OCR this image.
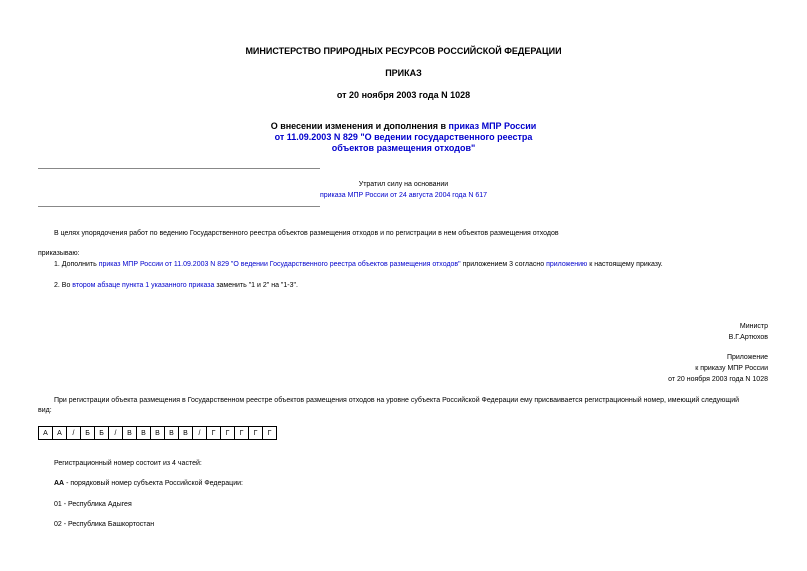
МИНИСТЕРСТВО ПРИРОДНЫХ РЕСУРСОВ РОССИЙСКОЙ ФЕДЕРАЦИИ
ПРИКАЗ
от 20 ноября 2003 года N 1028
О внесении изменения и дополнения в приказ МПР России
от 11.09.2003 N 829 "О ведении государственного реестра
объектов размещения отходов"
Утратил силу на основании
приказа МПР России от 24 августа 2004 года N 617
В целях упорядочения работ по ведению Государственного реестра объектов размещения отходов и по регистрации в нем объектов размещения отходов
приказываю:
1. Дополнить приказ МПР России от 11.09.2003 N 829 "О ведении Государственного реестра объектов размещения отходов" приложением 3 согласно приложению к настоящему приказу.
2. Во втором абзаце пункта 1 указанного приказа заменить "1 и 2" на "1-3".
Министр
В.Г.Артюхов
Приложение
к приказу МПР России
от 20 ноября 2003 года N 1028
При регистрации объекта размещения в Государственном реестре объектов размещения отходов на уровне субъекта Российской Федерации ему присваивается регистрационный номер, имеющий следующий
вид:
А	А	/	Б	Б	/	В	В	В	В	В	/	Г	Г	Г	Г	Г
Регистрационный номер состоит из 4 частей:
АА - порядковый номер субъекта Российской Федерации:
01 - Республика Адыгея
02 - Республика Башкортостан
